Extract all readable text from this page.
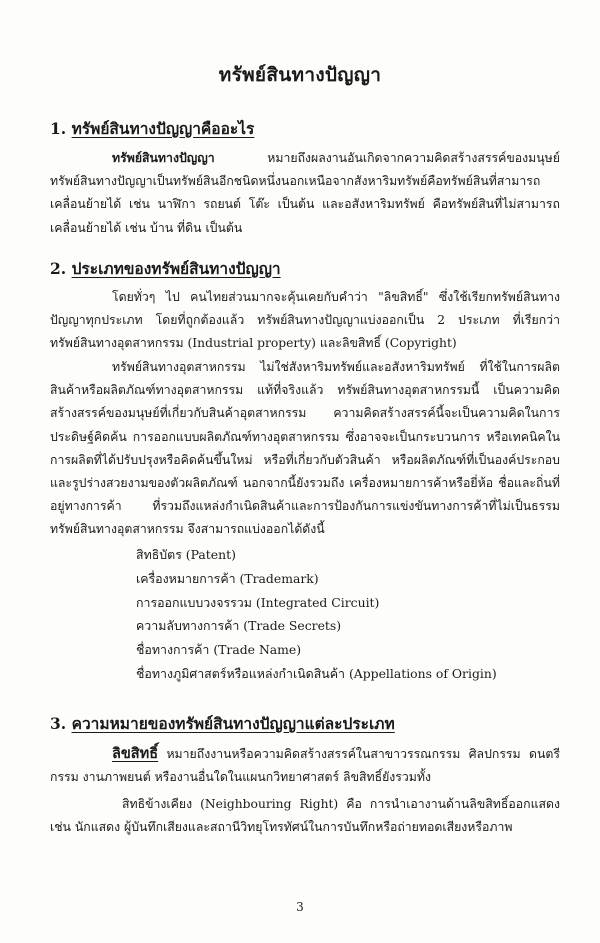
ทรัพย์สินทางปัญญา
1. ทรัพย์สินทางปัญญาคืออะไร

ทรัพย์สินทางปัญญา หมายถึงผลงานอันเกิดจากความคิดสร้างสรรค์ของมนุษย์ ทรัพย์สินทางปัญญาเป็นทรัพย์สินอีกชนิดหนึ่งนอกเหนือจากสังหาริมทรัพย์คือทรัพย์สินที่สามารถเคลื่อนย้ายได้ เช่น นาฬิกา รถยนต์ โต๊ะ เป็นต้น และอสังหาริมทรัพย์ คือทรัพย์สินที่ไม่สามารถเคลื่อนย้ายได้ เช่น บ้าน ที่ดิน เป็นต้น

2. ประเภทของทรัพย์สินทางปัญญา

โดยทั่วๆ ไป คนไทยส่วนมากจะคุ้นเคยกับคำว่า "ลิขสิทธิ์" ซึ่งใช้เรียกทรัพย์สินทางปัญญาทุกประเภท โดยที่ถูกต้องแล้ว ทรัพย์สินทางปัญญาแบ่งออกเป็น 2 ประเภท ที่เรียกว่า ทรัพย์สินทางอุตสาหกรรม (Industrial property) และลิขสิทธิ์ (Copyright)

ทรัพย์สินทางอุตสาหกรรม ไม่ใช่สังหาริมทรัพย์และอสังหาริมทรัพย์ ที่ใช้ในการผลิตสินค้าหรือผลิตภัณฑ์ทางอุตสาหกรรม แท้ที่จริงแล้ว ทรัพย์สินทางอุตสาหกรรมนี้ เป็นความคิดสร้างสรรค์ของมนุษย์ที่เกี่ยวกับสินค้าอุตสาหกรรม ความคิดสร้างสรรค์นี้จะเป็นความคิดในการประดิษฐ์คิดค้น การออกแบบผลิตภัณฑ์ทางอุตสาหกรรม ซึ่งอาจจะเป็นกระบวนการ หรือเทคนิคในการผลิตที่ได้ปรับปรุงหรือคิดค้นขึ้นใหม่ หรือที่เกี่ยวกับตัวสินค้า หรือผลิตภัณฑ์ที่เป็นองค์ประกอบและรูปร่างสวยงามของตัวผลิตภัณฑ์ นอกจากนี้ยังรวมถึง เครื่องหมายการค้าหรือยี่ห้อ ชื่อและถิ่นที่อยู่ทางการค้า ที่รวมถึงแหล่งกำเนิดสินค้าและการป้องกันการแข่งขันทางการค้าที่ไม่เป็นธรรม ทรัพย์สินทางอุตสาหกรรม จึงสามารถแบ่งออกได้ดังนี้

สิทธิบัตร (Patent)
เครื่องหมายการค้า (Trademark)
การออกแบบวงจรรวม (Integrated Circuit)
ความลับทางการค้า (Trade Secrets)
ชื่อทางการค้า (Trade Name)
ชื่อทางภูมิศาสตร์หรือแหล่งกำเนิดสินค้า (Appellations of Origin)
3. ความหมายของทรัพย์สินทางปัญญาแต่ละประเภท

ลิขสิทธิ์ หมายถึงงานหรือความคิดสร้างสรรค์ในสาขาวรรณกรรม ศิลปกรรม ดนตรีกรรม งานภาพยนต์ หรืองานอื่นใดในแผนกวิทยาศาสตร์ ลิขสิทธิ์ยังรวมทั้ง

สิทธิข้างเคียง (Neighbouring Right) คือ การนำเอางานด้านลิขสิทธิ์ออกแสดง เช่น นักแสดง ผู้บันทึกเสียงและสถานีวิทยุโทรทัศน์ในการบันทึกหรือถ่ายทอดเสียงหรือภาพ

3
